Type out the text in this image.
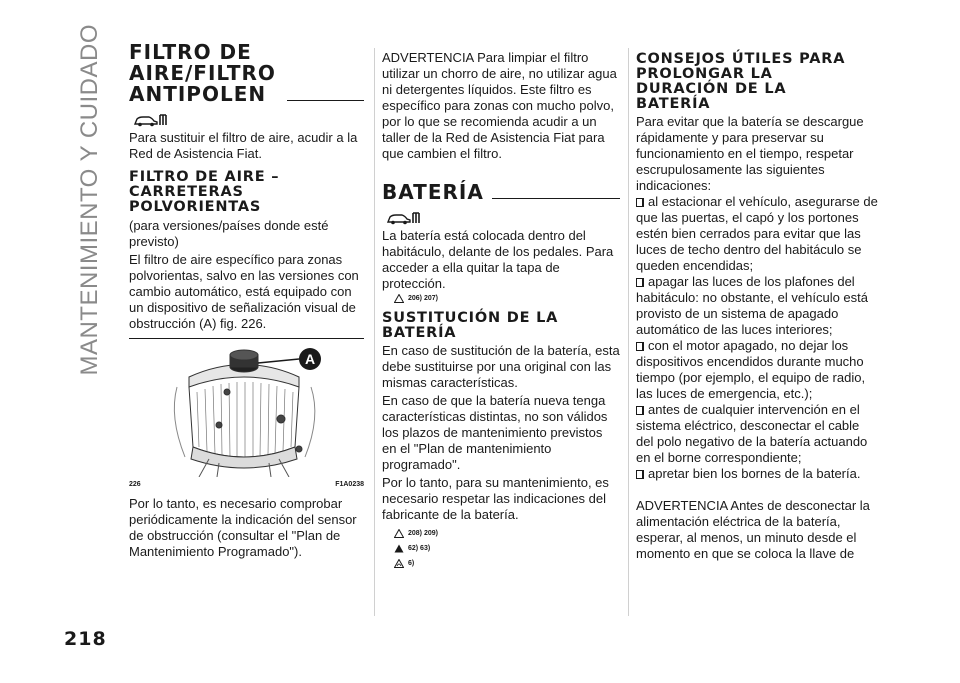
MANTENIMIENTO Y CUIDADO
218
FILTRO DE AIRE/FILTRO ANTIPOLEN

Para sustituir el filtro de aire, acudir a la Red de Asistencia Fiat.

FILTRO DE AIRE – CARRETERAS POLVORIENTAS

(para versiones/países donde esté previsto)

El filtro de aire específico para zonas polvorientas, salvo en las versiones con cambio automático, está equipado con un dispositivo de señalización visual de obstrucción (A) fig. 226.

A
226	F1A0238

Por lo tanto, es necesario comprobar periódicamente la indicación del sensor de obstrucción (consultar el "Plan de Mantenimiento Programado").

ADVERTENCIA Para limpiar el filtro utilizar un chorro de aire, no utilizar agua ni detergentes líquidos. Este filtro es específico para zonas con mucho polvo, por lo que se recomienda acudir a un taller de la Red de Asistencia Fiat para que cambien el filtro.

BATERÍA

La batería está colocada dentro del habitáculo, delante de los pedales. Para acceder a ella quitar la tapa de protección.

206) 207)
SUSTITUCIÓN DE LA BATERÍA

En caso de sustitución de la batería, esta debe sustituirse por una original con las mismas características.

En caso de que la batería nueva tenga características distintas, no son válidos los plazos de mantenimiento previstos en el "Plan de mantenimiento programado".

Por lo tanto, para su mantenimiento, es necesario respetar las indicaciones del fabricante de la batería.

208) 209)
62) 63)
6)
CONSEJOS ÚTILES PARA PROLONGAR LA DURACIÓN DE LA BATERÍA

Para evitar que la batería se descargue rápidamente y para preservar su funcionamiento en el tiempo, respetar escrupulosamente las siguientes indicaciones:

al estacionar el vehículo, asegurarse de que las puertas, el capó y los portones estén bien cerrados para evitar que las luces de techo dentro del habitáculo se queden encendidas;

apagar las luces de los plafones del habitáculo: no obstante, el vehículo está provisto de un sistema de apagado automático de las luces interiores;

con el motor apagado, no dejar los dispositivos encendidos durante mucho tiempo (por ejemplo, el equipo de radio, las luces de emergencia, etc.);

antes de cualquier intervención en el sistema eléctrico, desconectar el cable del polo negativo de la batería actuando en el borne correspondiente;

apretar bien los bornes de la batería.

ADVERTENCIA Antes de desconectar la alimentación eléctrica de la batería, esperar, al menos, un minuto desde el momento en que se coloca la llave de
